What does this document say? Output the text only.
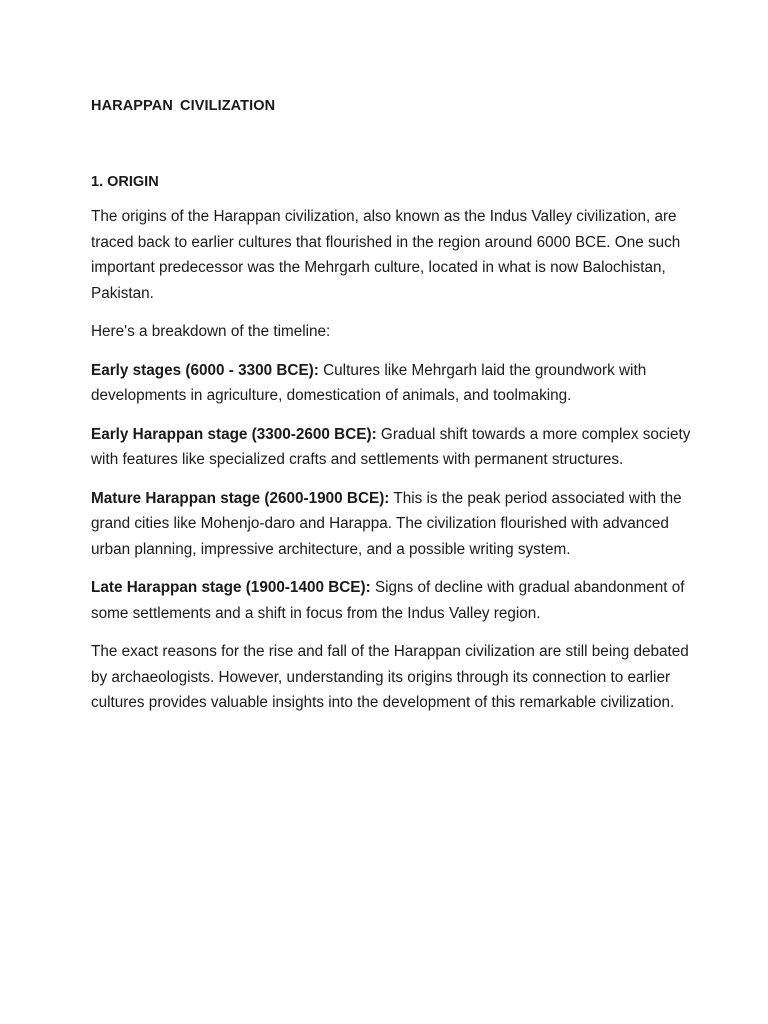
HARAPPAN CIVILIZATION
1. ORIGIN

The origins of the Harappan civilization, also known as the Indus Valley civilization, are traced back to earlier cultures that flourished in the region around 6000 BCE. One such important predecessor was the Mehrgarh culture, located in what is now Balochistan, Pakistan.

Here's a breakdown of the timeline:

Early stages (6000 - 3300 BCE): Cultures like Mehrgarh laid the groundwork with developments in agriculture, domestication of animals, and toolmaking.

Early Harappan stage (3300-2600 BCE): Gradual shift towards a more complex society with features like specialized crafts and settlements with permanent structures.

Mature Harappan stage (2600-1900 BCE): This is the peak period associated with the grand cities like Mohenjo-daro and Harappa. The civilization flourished with advanced urban planning, impressive architecture, and a possible writing system.

Late Harappan stage (1900-1400 BCE): Signs of decline with gradual abandonment of some settlements and a shift in focus from the Indus Valley region.

The exact reasons for the rise and fall of the Harappan civilization are still being debated by archaeologists. However, understanding its origins through its connection to earlier cultures provides valuable insights into the development of this remarkable civilization.
